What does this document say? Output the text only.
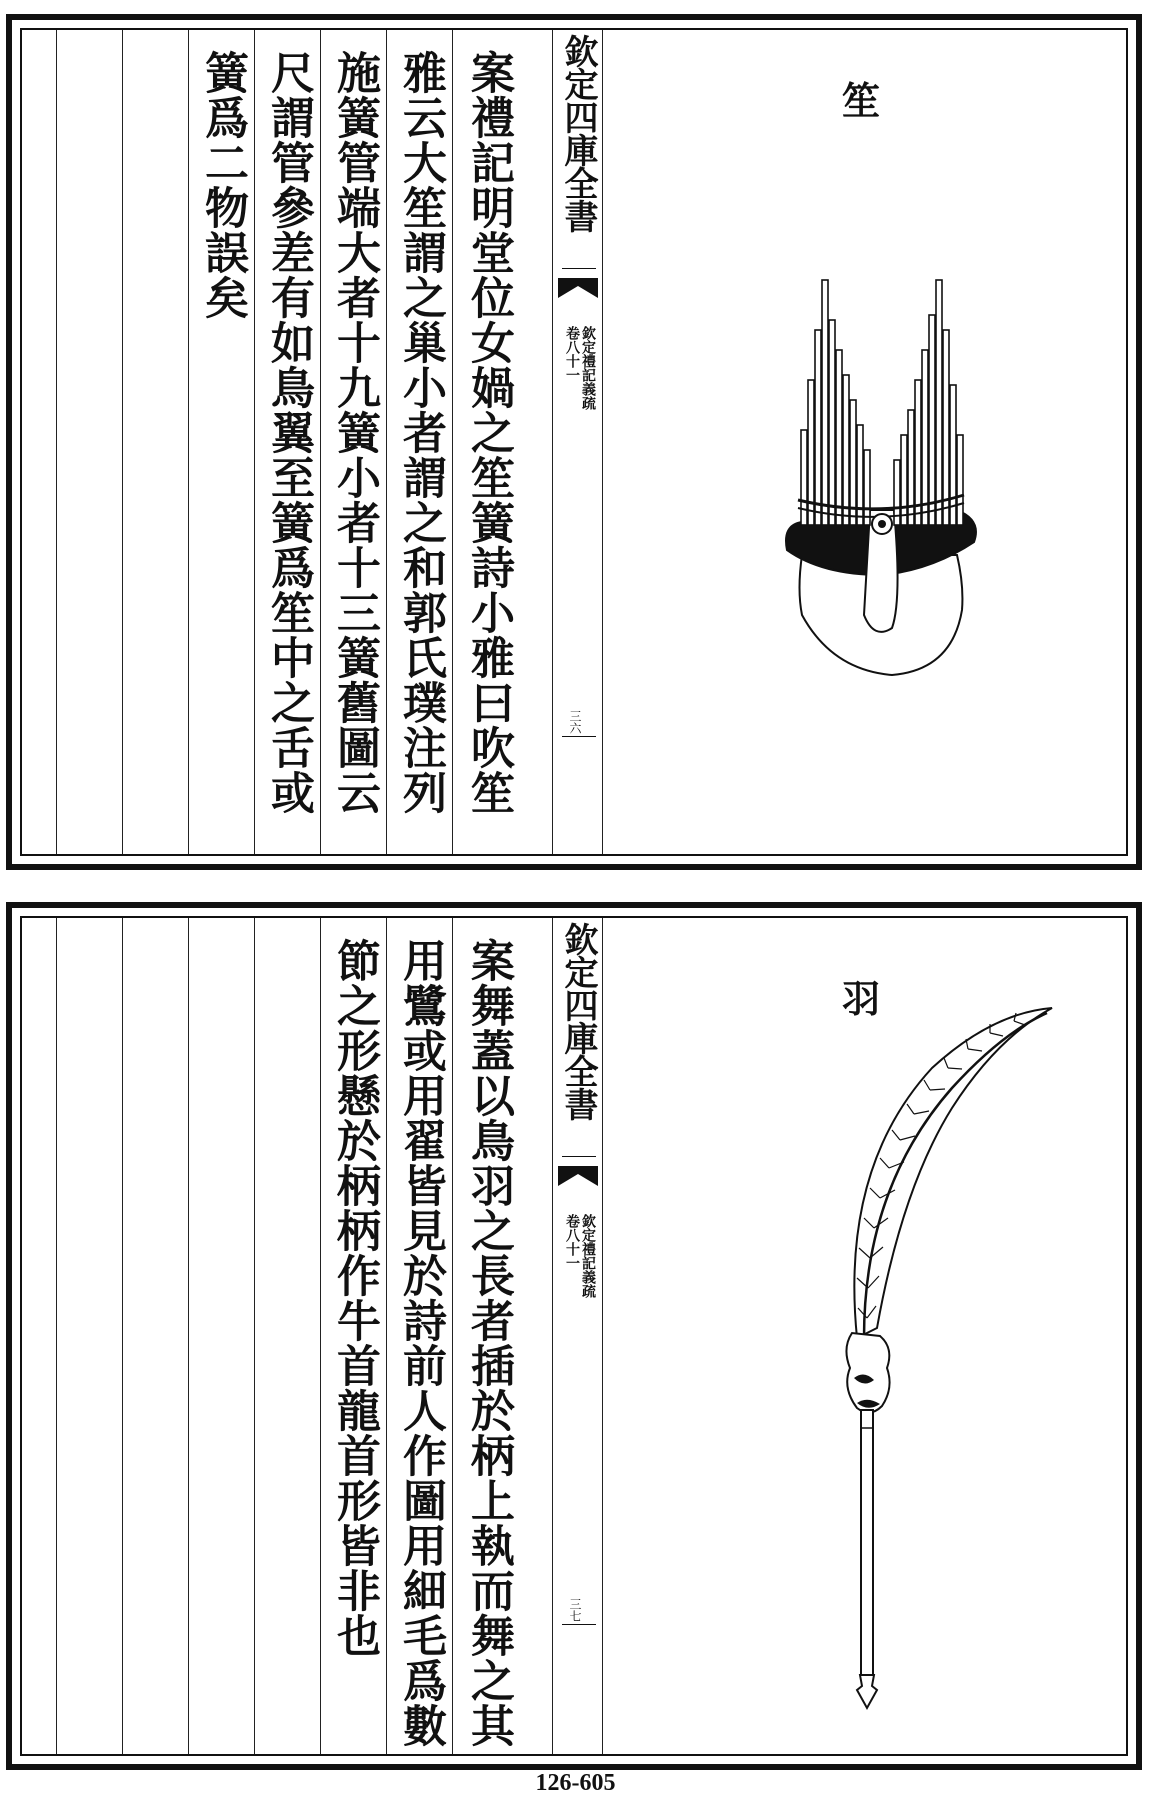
笙
欽定四庫全書
欽定禮記義疏
卷八十一
三六
案禮記明堂位女媧之笙簧詩小雅曰吹笙
雅云大笙謂之巢小者謂之和郭氏璞注列
施簧管端大者十九簧小者十三簧舊圖云
尺謂管參差有如鳥翼至簧爲笙中之舌或
簧爲二物誤矣
羽
欽定四庫全書
欽定禮記義疏
卷八十一
三七
案舞蓋以鳥羽之長者插於柄上執而舞之其
用鷺或用翟皆見於詩前人作圖用細毛爲數
節之形懸於柄柄作牛首龍首形皆非也
126-605
